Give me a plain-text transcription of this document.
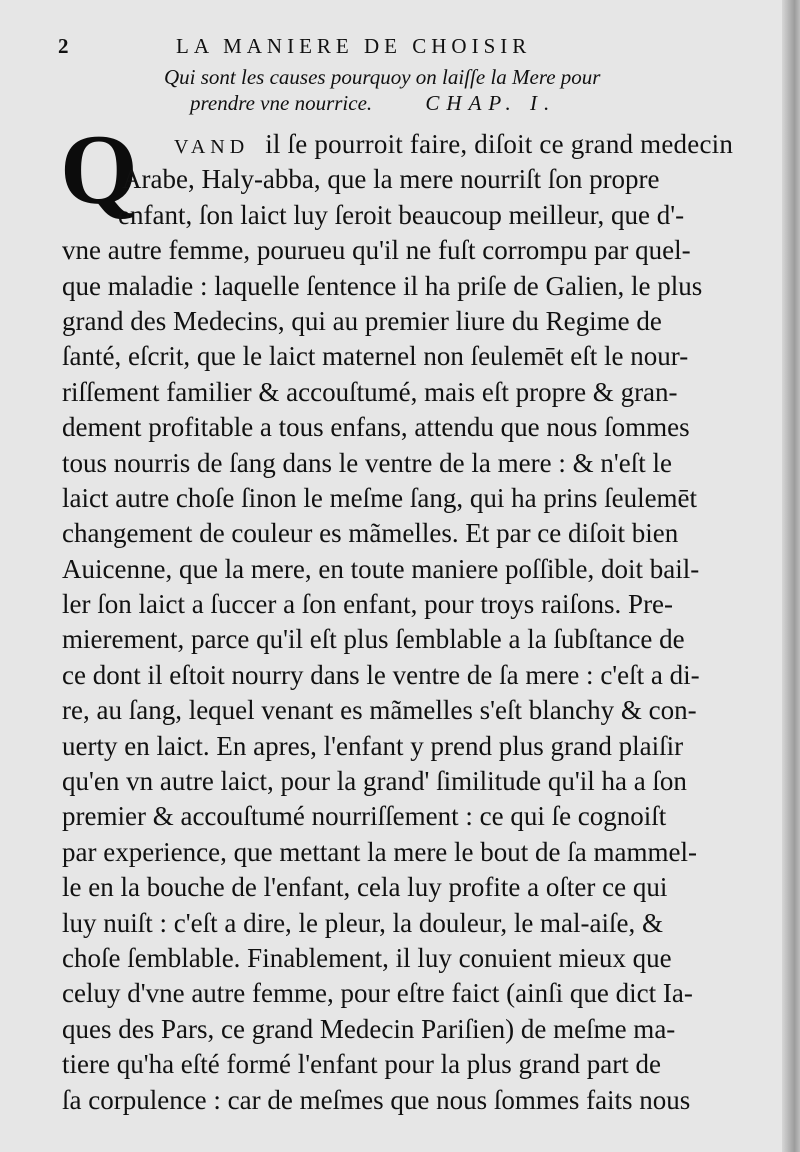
2	LA MANIERE DE CHOISIR
Qui sont les causes pourquoy on laiſſe la Mere pour
prendre vne nourrice.	CHAP. I.
Q	VAND il ſe pourroit faire, diſoit ce grand medecin
Arabe, Haly-abba, que la mere nourriſt ſon propre
enfant, ſon laict luy ſeroit beaucoup meilleur, que d'-
vne autre femme, pourueu qu'il ne fuſt corrompu par quel-
que maladie : laquelle ſentence il ha priſe de Galien, le plus
grand des Medecins, qui au premier liure du Regime de
ſanté, eſcrit, que le laict maternel non ſeulemēt eſt le nour-
riſſement familier & accouſtumé, mais eſt propre & gran-
dement profitable a tous enfans, attendu que nous ſommes
tous nourris de ſang dans le ventre de la mere : & n'eſt le
laict autre choſe ſinon le meſme ſang, qui ha prins ſeulemēt
changement de couleur es mãmelles. Et par ce diſoit bien
Auicenne, que la mere, en toute maniere poſſible, doit bail-
ler ſon laict a ſuccer a ſon enfant, pour troys raiſons. Pre-
mierement, parce qu'il eſt plus ſemblable a la ſubſtance de
ce dont il eſtoit nourry dans le ventre de ſa mere : c'eſt a di-
re, au ſang, lequel venant es mãmelles s'eſt blanchy & con-
uerty en laict. En apres, l'enfant y prend plus grand plaiſir
qu'en vn autre laict, pour la grand' ſimilitude qu'il ha a ſon
premier & accouſtumé nourriſſement : ce qui ſe cognoiſt
par experience, que mettant la mere le bout de ſa mammel-
le en la bouche de l'enfant, cela luy profite a oſter ce qui
luy nuiſt : c'eſt a dire, le pleur, la douleur, le mal-aiſe, &
choſe ſemblable. Finablement, il luy conuient mieux que
celuy d'vne autre femme, pour eſtre faict (ainſi que dict Ia-
ques des Pars, ce grand Medecin Pariſien) de meſme ma-
tiere qu'ha eſté formé l'enfant pour la plus grand part de
ſa corpulence : car de meſmes que nous ſommes faits nous
